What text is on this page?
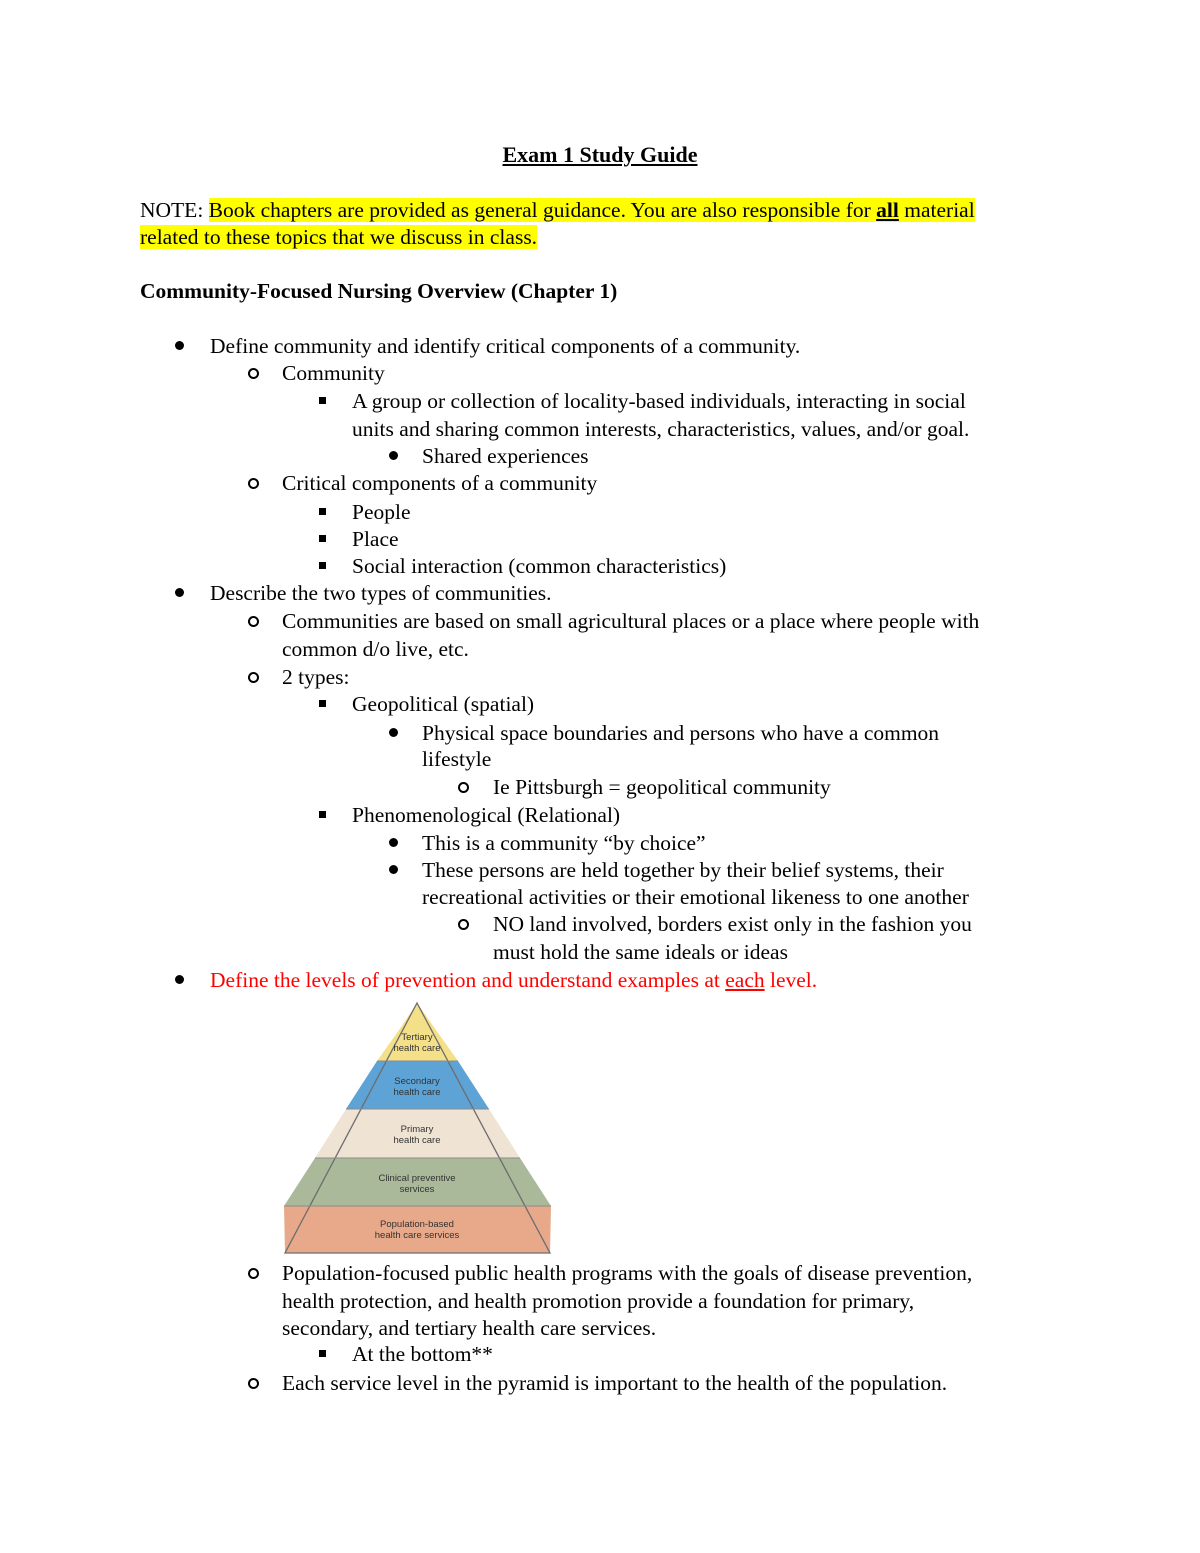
Exam 1 Study Guide
NOTE: Book chapters are provided as general guidance. You are also responsible for all material
related to these topics that we discuss in class.
Community-Focused Nursing Overview (Chapter 1)
Define community and identify critical components of a community.
Community
A group or collection of locality-based individuals, interacting in social
units and sharing common interests, characteristics, values, and/or goal.
Shared experiences
Critical components of a community
People
Place
Social interaction (common characteristics)
Describe the two types of communities.
Communities are based on small agricultural places or a place where people with
common d/o live, etc.
2 types:
Geopolitical (spatial)
Physical space boundaries and persons who have a common
lifestyle
Ie Pittsburgh = geopolitical community
Phenomenological (Relational)
This is a community “by choice”
These persons are held together by their belief systems, their
recreational activities or their emotional likeness to one another
NO land involved, borders exist only in the fashion you
must hold the same ideals or ideas
Define the levels of prevention and understand examples at each level.
Tertiary
health care
Secondary
health care
Primary
health care
Clinical preventive
services
Population-based
health care services
Population-focused public health programs with the goals of disease prevention,
health protection, and health promotion provide a foundation for primary,
secondary, and tertiary health care services.
At the bottom**
Each service level in the pyramid is important to the health of the population.
